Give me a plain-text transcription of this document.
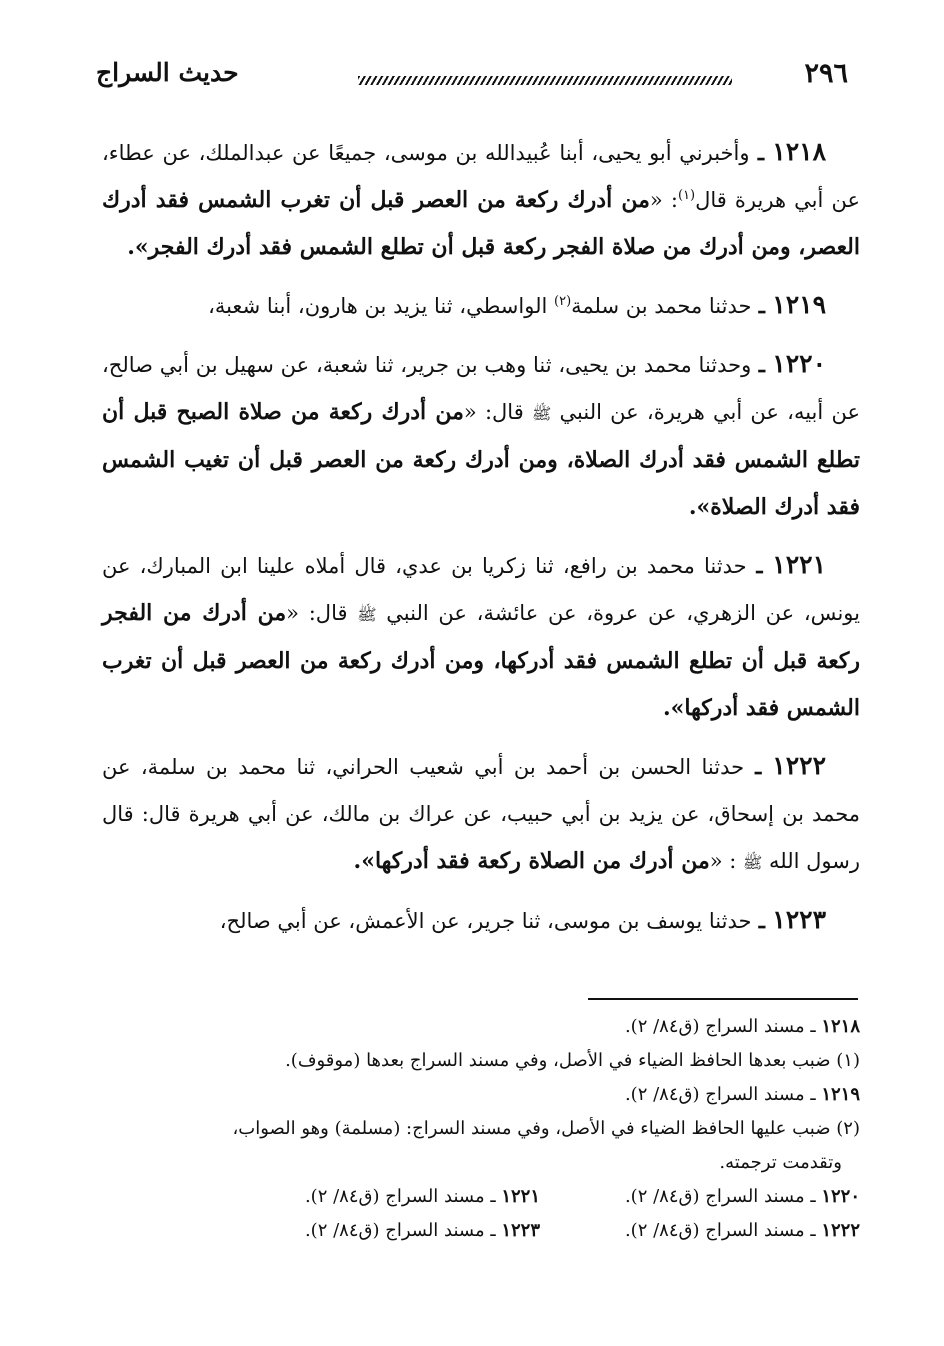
٢٩٦
حديث السراج

١٢١٨ ـ وأخبرني أبو يحيى، أبنا عُبيدالله بن موسى، جميعًا عن عبدالملك، عن عطاء، عن أبي هريرة قال$^{(١)}$: «من أدرك ركعة من العصر قبل أن تغرب الشمس فقد أدرك العصر، ومن أدرك من صلاة الفجر ركعة قبل أن تطلع الشمس فقد أدرك الفجر».

١٢١٩ ـ حدثنا محمد بن سلمة$^{(٢)}$ الواسطي، ثنا يزيد بن هارون، أبنا شعبة،

١٢٢٠ ـ وحدثنا محمد بن يحيى، ثنا وهب بن جرير، ثنا شعبة، عن سهيل بن أبي صالح، عن أبيه، عن أبي هريرة، عن النبي ﷺ قال: «من أدرك ركعة من صلاة الصبح قبل أن تطلع الشمس فقد أدرك الصلاة، ومن أدرك ركعة من العصر قبل أن تغيب الشمس فقد أدرك الصلاة».

١٢٢١ ـ حدثنا محمد بن رافع، ثنا زكريا بن عدي، قال أملاه علينا ابن المبارك، عن يونس، عن الزهري، عن عروة، عن عائشة، عن النبي ﷺ قال: «من أدرك من الفجر ركعة قبل أن تطلع الشمس فقد أدركها، ومن أدرك ركعة من العصر قبل أن تغرب الشمس فقد أدركها».

١٢٢٢ ـ حدثنا الحسن بن أحمد بن أبي شعيب الحراني، ثنا محمد بن سلمة، عن محمد بن إسحاق، عن يزيد بن أبي حبيب، عن عراك بن مالك، عن أبي هريرة قال: قال رسول الله ﷺ : «من أدرك من الصلاة ركعة فقد أدركها».

١٢٢٣ ـ حدثنا يوسف بن موسى، ثنا جرير، عن الأعمش، عن أبي صالح،

١٢١٨ ـ مسند السراج (ق٨٤/ ٢).

(١) ضبب بعدها الحافظ الضياء في الأصل، وفي مسند السراج بعدها (موقوف).

١٢١٩ ـ مسند السراج (ق٨٤/ ٢).

(٢) ضبب عليها الحافظ الضياء في الأصل، وفي مسند السراج: (مسلمة) وهو الصواب،

وتقدمت ترجمته.

١٢٢٠ ـ مسند السراج (ق٨٤/ ٢).

١٢٢١ ـ مسند السراج (ق٨٤/ ٢).

١٢٢٢ ـ مسند السراج (ق٨٤/ ٢).

١٢٢٣ ـ مسند السراج (ق٨٤/ ٢).
